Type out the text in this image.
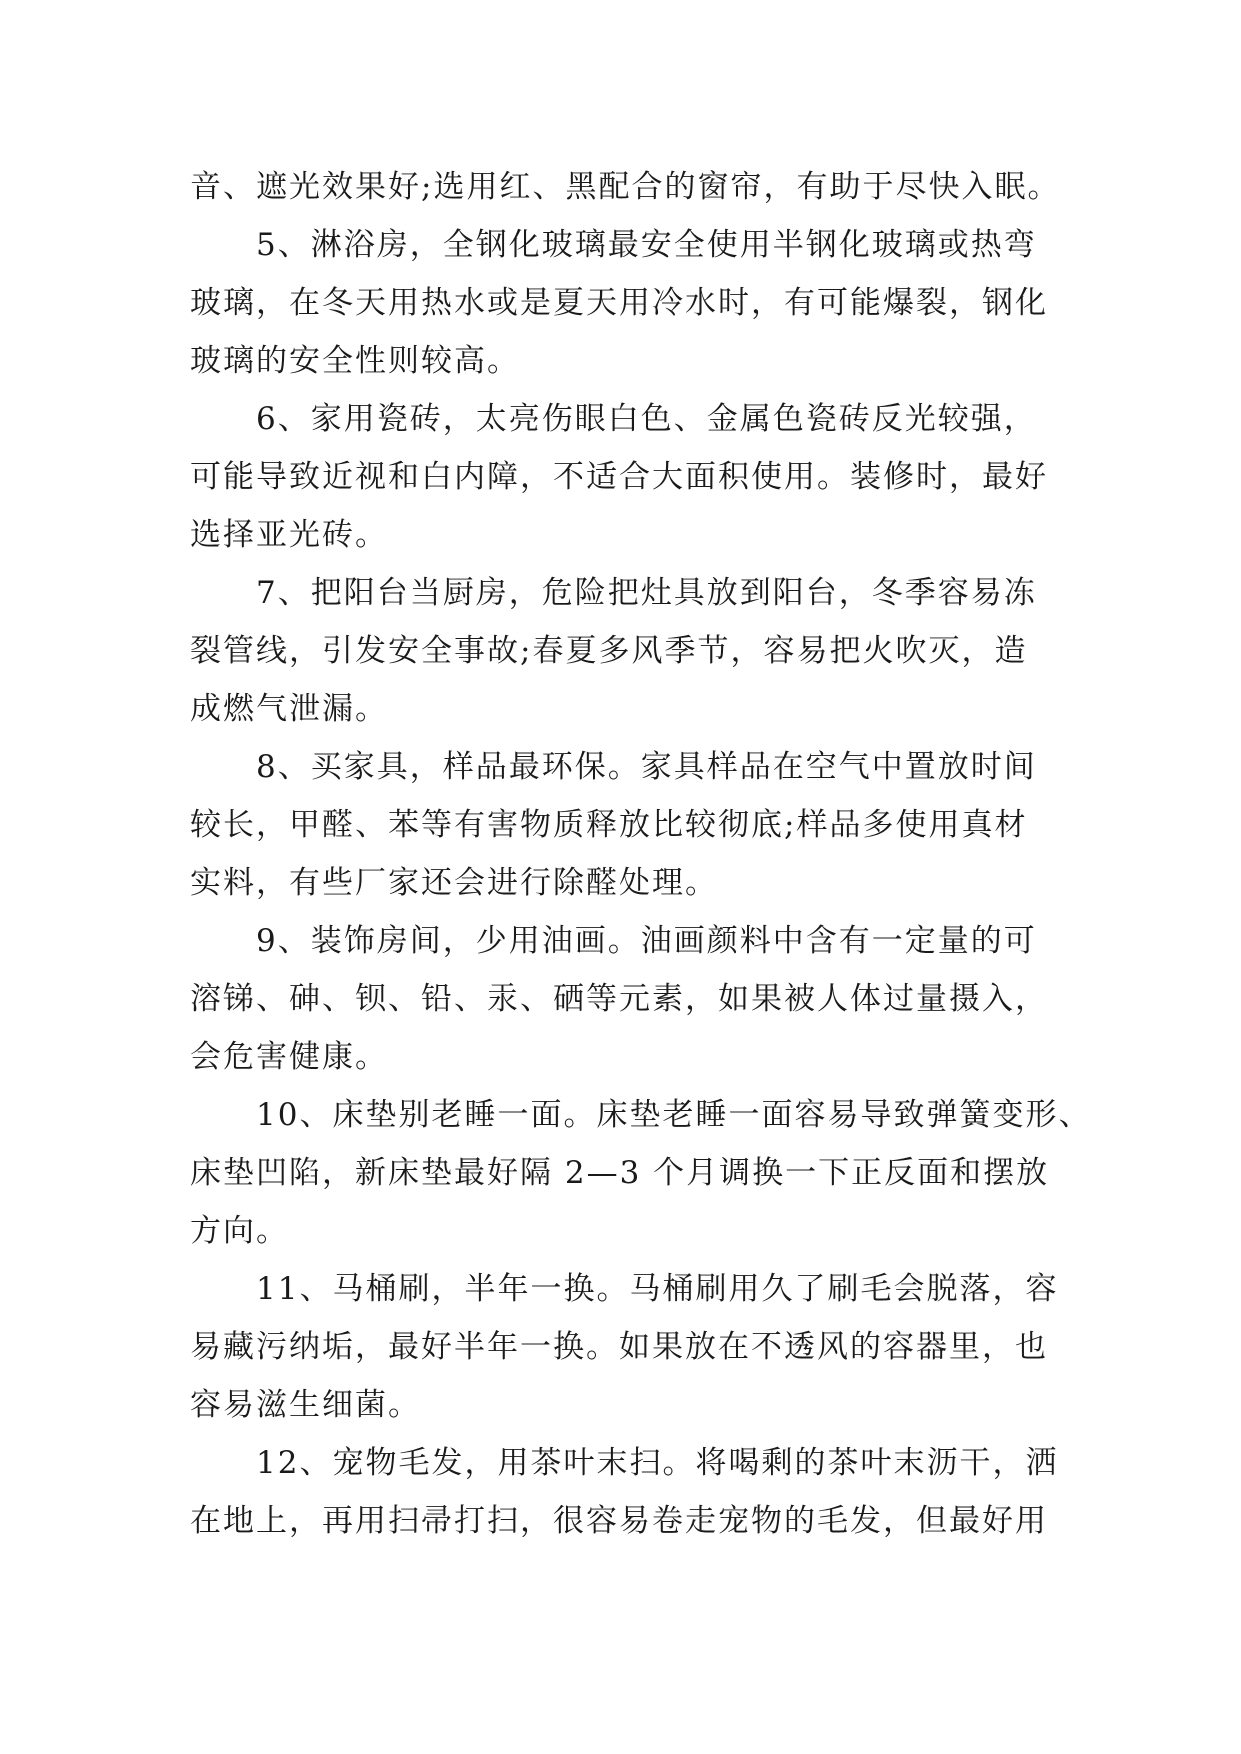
音、遮光效果好;选用红、黑配合的窗帘，有助于尽快入眠。
5、淋浴房，全钢化玻璃最安全使用半钢化玻璃或热弯
玻璃，在冬天用热水或是夏天用冷水时，有可能爆裂，钢化
玻璃的安全性则较高。
6、家用瓷砖，太亮伤眼白色、金属色瓷砖反光较强，
可能导致近视和白内障，不适合大面积使用。装修时，最好
选择亚光砖。
7、把阳台当厨房，危险把灶具放到阳台，冬季容易冻
裂管线，引发安全事故;春夏多风季节，容易把火吹灭，造
成燃气泄漏。
8、买家具，样品最环保。家具样品在空气中置放时间
较长，甲醛、苯等有害物质释放比较彻底;样品多使用真材
实料，有些厂家还会进行除醛处理。
9、装饰房间，少用油画。油画颜料中含有一定量的可
溶锑、砷、钡、铅、汞、硒等元素，如果被人体过量摄入，
会危害健康。
10、床垫别老睡一面。床垫老睡一面容易导致弹簧变形、
床垫凹陷，新床垫最好隔 2—3 个月调换一下正反面和摆放
方向。
11、马桶刷，半年一换。马桶刷用久了刷毛会脱落，容
易藏污纳垢，最好半年一换。如果放在不透风的容器里，也
容易滋生细菌。
12、宠物毛发，用茶叶末扫。将喝剩的茶叶末沥干，洒
在地上，再用扫帚打扫，很容易卷走宠物的毛发，但最好用
